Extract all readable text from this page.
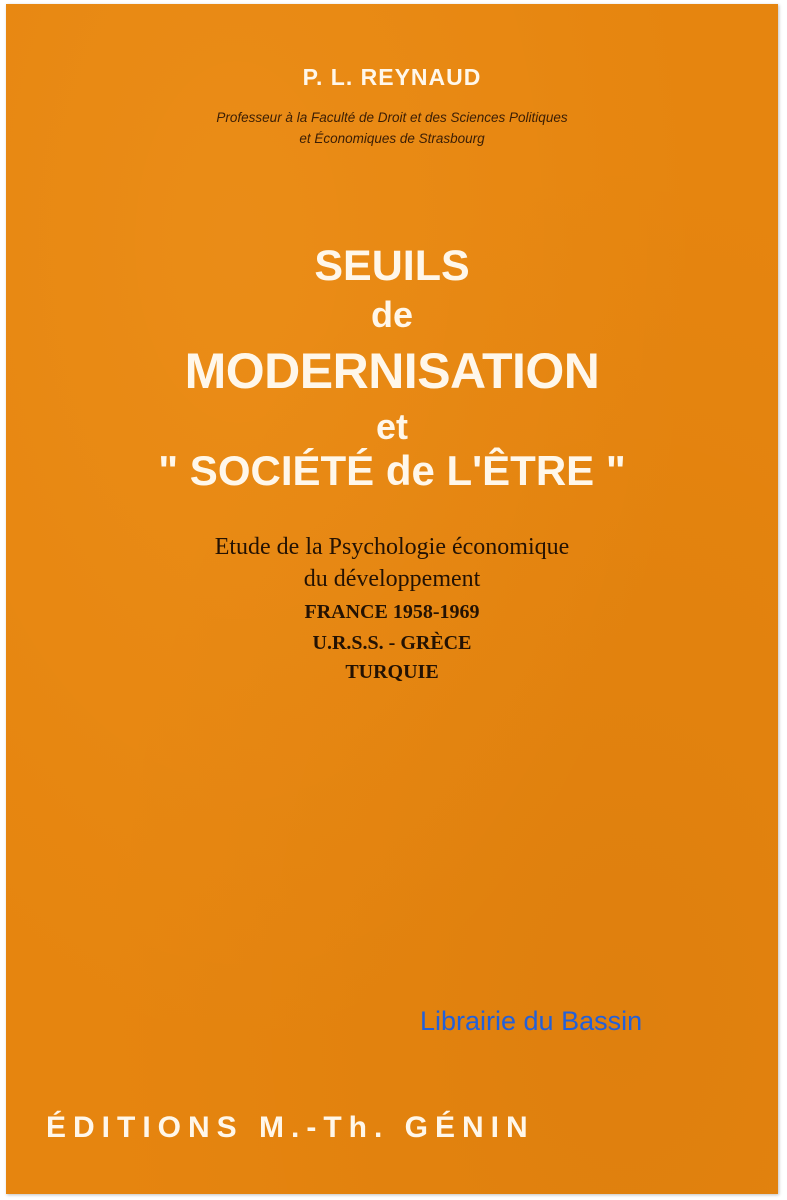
P. L. REYNAUD
Professeur à la Faculté de Droit et des Sciences Politiques
et Économiques de Strasbourg
SEUILS
de
MODERNISATION
et
" SOCIÉTÉ de L'ÊTRE "
Etude de la Psychologie économique
du développement
FRANCE 1958-1969
U.R.S.S. - GRÈCE
TURQUIE
ÉDITIONS M.-Th. GÉNIN
Librairie du Bassin
